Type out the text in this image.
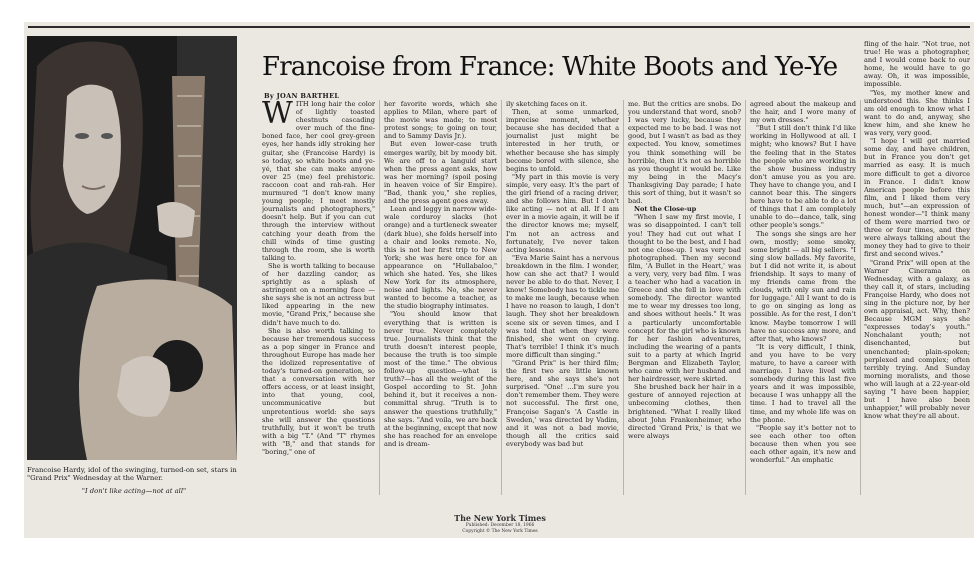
Francoise Hardy, idol of the swinging, turned-on set, stars in "Grand Prix" Wednesday at the Warner.
"I don't like acting—not at all"
Francoise from France: White Boots and Ye-Ye
By JOAN BARTHEL

WITH long hair the color of lightly toasted chestnuts cascading over much of the fine-boned face, her cool grey-green eyes, her hands idly stroking her guitar, she (Francoise Hardy) is so today, so white boots and ye-yé, that she can make anyone over 25 (me) feel prehistoric. raccoon coat and rah-rah. Her murmured "I don't know many young people; I meet mostly journalists and photographers," doesn't help. But if you can cut through the interview without catching your death from the chill winds of time gusting through the room, she is worth talking to.

She is worth talking to because of her dazzling candor, as sprightly as a splash of astringent on a morning face — she says she is not an actress but liked appearing in the new movie, "Grand Prix," because she didn't have much to do.

She is also worth talking to because her tremendous success as a pop singer in France and throughout Europe has made her the idolized representative of today's turned-on generation, so that a conversation with her offers access, or at least insight, into that young, cool, uncommunicative but unpretentious world: she says she will answer the questions truthfully, but it won't be truth with a big "T." (And "T" rhymes with "B," and that stands for "boring," one of

her favorite words, which she applies to Milan, where part of the movie was made; to most protest songs; to going on tour, and to Sammy Davis Jr.).

But even lower-case truth emerges warily, bit by moody bit. We are off to a languid start when the press agent asks, how was her morning? (spoil posing in heaven voice of Sir Empire). "Bad, thank you," she replies, and the press agent goes away.

Lean and leggy in narrow wide-wale corduroy slacks (hot orange) and a turtleneck sweater (dark blue), she folds herself into a chair and looks remote. No, this is not her first trip to New York; she was here once for an appearance on "Hullabaloo," which she hated. Yes, she likes New York for its atmosphere, noise and lights. No, she never wanted to become a teacher, as the studio biography intimates.

"You should know that everything that is written is never true. Never completely true. Journalists think that the truth doesn't interest people, because the truth is too simple most of the time." The obvious follow-up question—what is truth?—has all the weight of the Gospel according to St. John behind it, but it receives a non-committal shrug. "Truth is to answer the questions truthfully," she says. "And voila, we are back at the beginning, except that now she has reached for an envelope and is dream-

ily sketching faces on it.

Then, at some unmarked, imprecise moment, whether because she has decided that a journalist just might be interested in her truth, or whether because she has simply become bored with silence, she begins to unfold.

"My part in this movie is very simple, very easy. It's the part of the girl friend of a racing driver, and she follows him. But I don't like acting — not at all. If I am ever in a movie again, it will be if the director knows me; myself, I'm not an actress and fortunately, I've never taken acting lessons.

"Eva Marie Saint has a nervous breakdown in the film. I wonder, how can she act that? I would never be able to do that. Never, I know! Somebody has to tickle me to make me laugh, because when I have no reason to laugh, I don't laugh. They shot her breakdown scene six or seven times, and I was told that when they were finished, she went on crying. That's terrible! I think it's much more difficult than singing."

"Grand Prix" is her third film; the first two are little known here, and she says she's not surprised. "One! ...I'm sure you don't remember them. They were not successful. The first one, Françoise Sagan's 'A Castle in Sweden,' was directed by Vadim, and it was not a bad movie, though all the critics said everybody was bad but

me. But the critics are snobs. Do you understand that word, snob? I was very lucky, because they expected me to be bad. I was not good, but I wasn't as bad as they expected. You know, sometimes you think something will be horrible, then it's not as horrible as you thought it would be. Like my being in the Macy's Thanksgiving Day parade; I hate this sort of thing, but it wasn't so bad.

Not the Close-up

"When I saw my first movie, I was so disappointed. I can't tell you! They had cut out what I thought to be the best, and I had not one close-up. I was very bad photographed. Then my second film, 'A Bullet in the Heart,' was a very, very, very bad film. I was a teacher who had a vacation in Greece and she fell in love with somebody. The director wanted me to wear my dresses too long, and shoes without heels." It was a particularly uncomfortable concept for the girl who is known for her fashion adventures, including the wearing of a pants suit to a party at which Ingrid Bergman and Elizabeth Taylor, who came with her husband and her hairdresser, were skirted.

She brushed back her hair in a gesture of annoyed rejection at unbecoming clothes, then brightened. "What I really liked about John Frankenheimer, who directed 'Grand Prix,' is that we were always

agreed about the makeup and the hair, and I wore many of my own dresses."

"But I still don't think I'd like working in Hollywood at all. I might; who knows? But I have the feeling that in the States the people who are working in the show business industry don't amuse you as you are. They have to change you, and I cannot bear this. The singers here have to be able to do a lot of things that I am completely unable to do—dance, talk, sing other people's songs."

The songs she sings are her own, mostly; some smoky, some bright — all big sellers. "I sing slow ballads. My favorite, but I did not write it, is about friendship. It says to many of my friends came from the clouds, with only sun and rain for luggage.' All I want to do is to go on singing as long as possible. As for the rest, I don't know. Maybe tomorrow I will have no success any more, and after that, who knows?

"It is very difficult, I think, and you have to be very mature, to have a career with marriage. I have lived with somebody during this last five years and it was impossible, because I was unhappy all the time. I had to travel all the time, and my whole life was on the phone.

"People say it's better not to see each other too often because then when you see each other again, it's new and wonderful." An emphatic

fling of the hair. "Not true, not true! He was a photographer, and I would come back to our home, he would have to go away. Oh, it was impossible, impossible.

"Yes, my mother knew and understood this. She thinks I am old enough to know what I want to do and, anyway, she knew him, and she knew he was very, very good.

"I hope I will get married some day, and have children, but in France you don't get married as easy. It is much more difficult to get a divorce in France. I didn't know American people before this film, and I liked them very much, but"—an expression of honest wonder—"I think many of them were married two or three or four times, and they were always talking about the money they had to give to their first and second wives."

"Grand Prix" will open at the Warner Cinerama on Wednesday, with a galaxy, as they call it, of stars, including Françoise Hardy, who does not sing in the picture nor, by her own appraisal, act. Why, then? Because MGM says she "expresses today's youth." Nonchalant youth; not disenchanted, but unenchanted; plain-spoken; perplexed and complex; often terribly trying. And Sunday morning moralists, and those who will laugh at a 22-year-old saying "I have been happier, but I have also been unhappier," will probably never know what they're all about.

The New York Times
Published: December 18, 1966
Copyright © The New York Times
